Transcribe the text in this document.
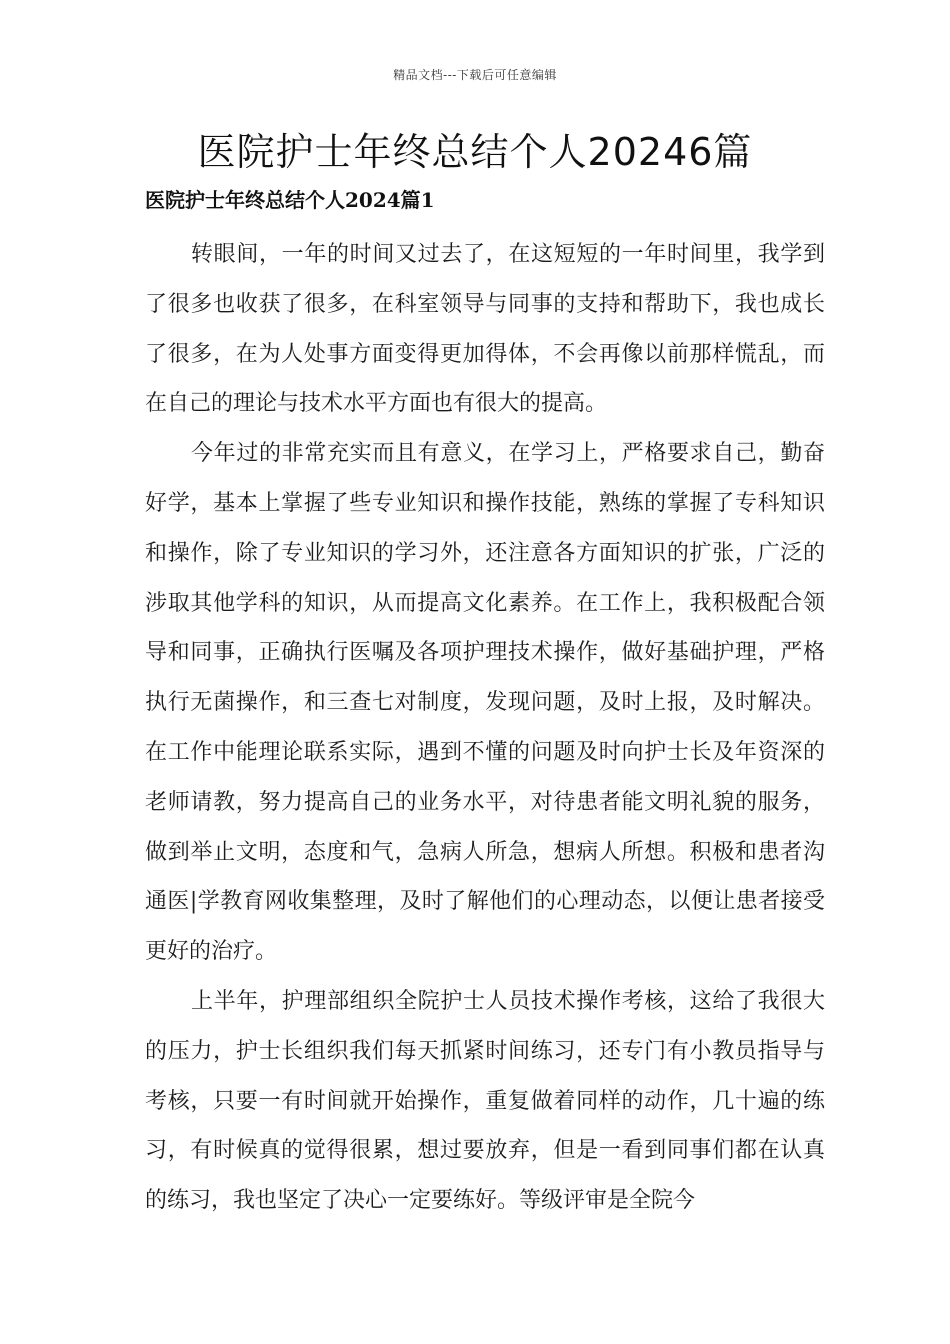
精品文档---下载后可任意编辑
医院护士年终总结个人20246篇
医院护士年终总结个人2024篇1

转眼间，一年的时间又过去了，在这短短的一年时间里，我学到了很多也收获了很多，在科室领导与同事的支持和帮助下，我也成长了很多，在为人处事方面变得更加得体，不会再像以前那样慌乱，而在自己的理论与技术水平方面也有很大的提高。

今年过的非常充实而且有意义，在学习上，严格要求自己，勤奋好学，基本上掌握了些专业知识和操作技能，熟练的掌握了专科知识和操作，除了专业知识的学习外，还注意各方面知识的扩张，广泛的涉取其他学科的知识，从而提高文化素养。在工作上，我积极配合领导和同事，正确执行医嘱及各项护理技术操作，做好基础护理，严格执行无菌操作，和三查七对制度，发现问题，及时上报，及时解决。在工作中能理论联系实际，遇到不懂的问题及时向护士长及年资深的老师请教，努力提高自己的业务水平，对待患者能文明礼貌的服务，做到举止文明，态度和气，急病人所急，想病人所想。积极和患者沟通医|学教育网收集整理，及时了解他们的心理动态，以便让患者接受更好的治疗。

上半年，护理部组织全院护士人员技术操作考核，这给了我很大的压力，护士长组织我们每天抓紧时间练习，还专门有小教员指导与考核，只要一有时间就开始操作，重复做着同样的动作，几十遍的练习，有时候真的觉得很累，想过要放弃，但是一看到同事们都在认真的练习，我也坚定了决心一定要练好。等级评审是全院今
